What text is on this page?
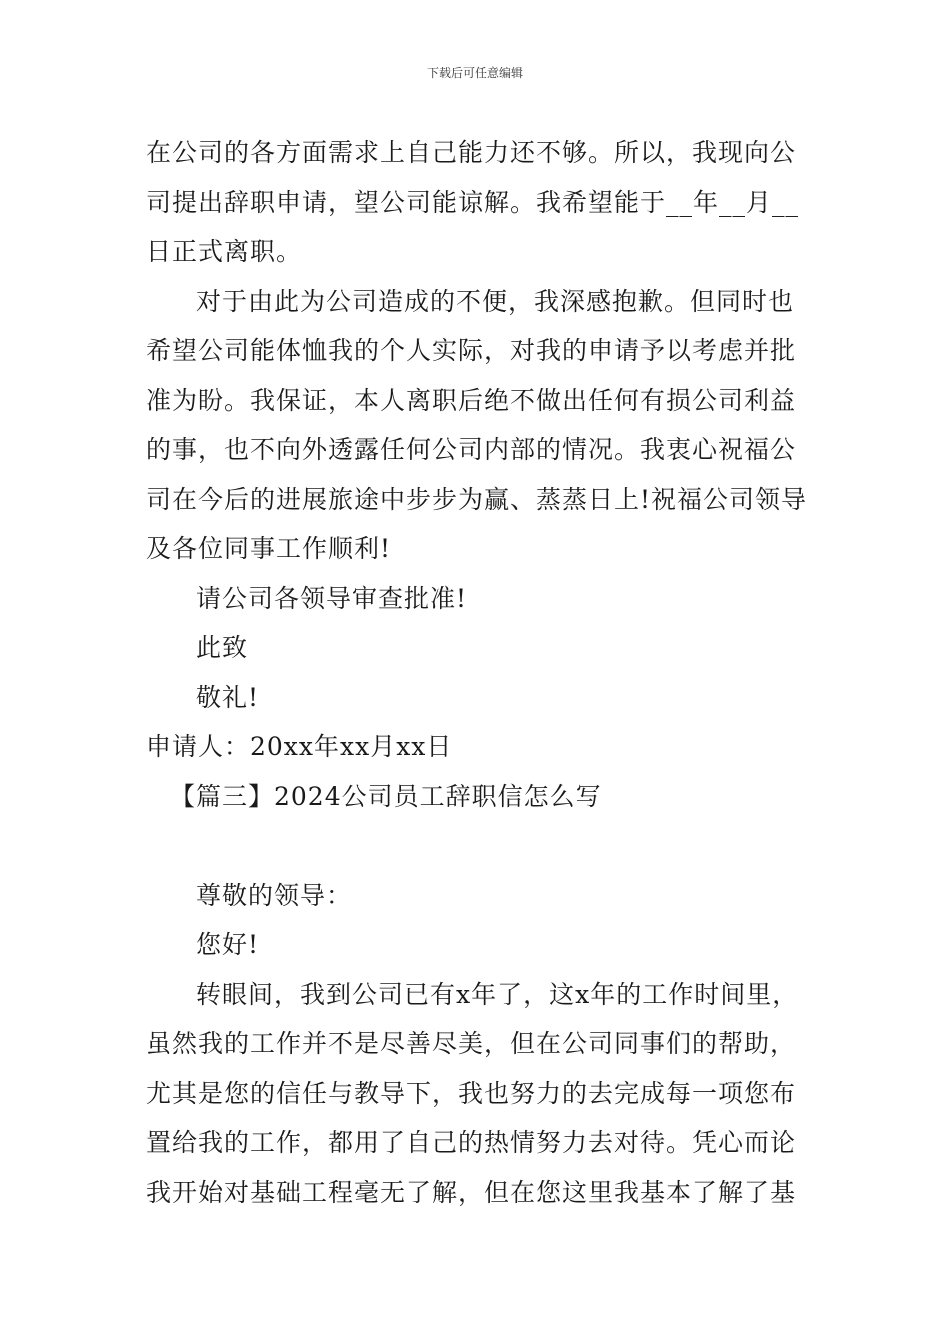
下载后可任意编辑
在公司的各方面需求上自己能力还不够。所以，我现向公
司提出辞职申请，望公司能谅解。我希望能于__年__月__
日正式离职。
对于由此为公司造成的不便，我深感抱歉。但同时也
希望公司能体恤我的个人实际，对我的申请予以考虑并批
准为盼。我保证，本人离职后绝不做出任何有损公司利益
的事，也不向外透露任何公司内部的情况。我衷心祝福公
司在今后的进展旅途中步步为赢、蒸蒸日上!祝福公司领导
及各位同事工作顺利!
请公司各领导审查批准!
此致
敬礼!
申请人：20xx年xx月xx日
【篇三】2024公司员工辞职信怎么写
尊敬的领导：
您好!
转眼间，我到公司已有x年了，这x年的工作时间里，
虽然我的工作并不是尽善尽美，但在公司同事们的帮助，
尤其是您的信任与教导下，我也努力的去完成每一项您布
置给我的工作，都用了自己的热情努力去对待。凭心而论
我开始对基础工程毫无了解，但在您这里我基本了解了基
